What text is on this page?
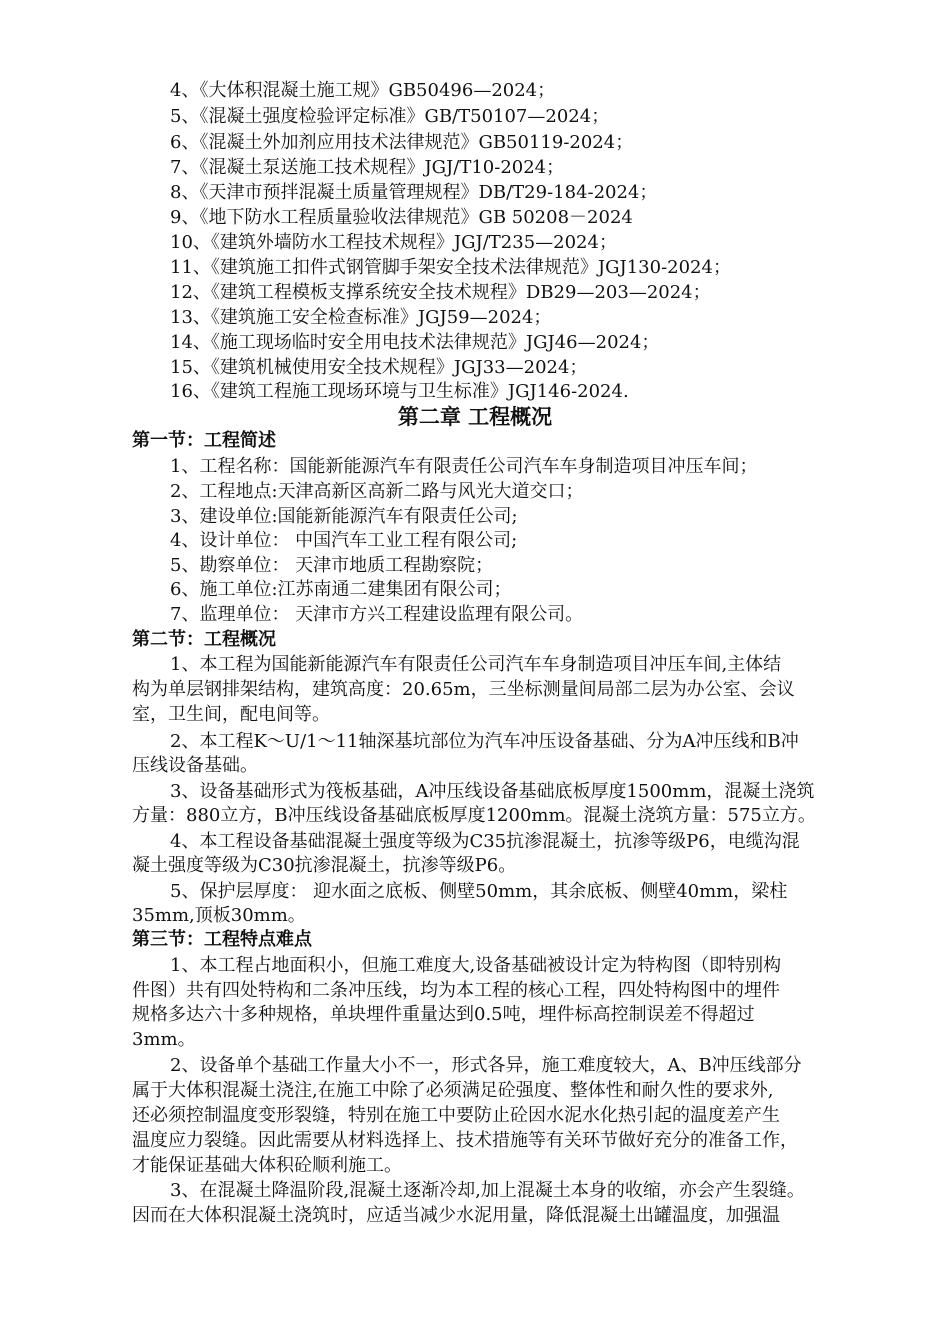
4、《大体积混凝土施工规》GB50496—2024；
5、《混凝土强度检验评定标准》GB/T50107—2024；
6、《混凝土外加剂应用技术法律规范》GB50119-2024；
7、《混凝土泵送施工技术规程》JGJ/T10-2024；
8、《天津市预拌混凝土质量管理规程》DB/T29-184-2024；
9、《地下防水工程质量验收法律规范》GB 50208－2024
10、《建筑外墙防水工程技术规程》JGJ/T235—2024；
11、《建筑施工扣件式钢管脚手架安全技术法律规范》JGJ130-2024；
12、《建筑工程模板支撑系统安全技术规程》DB29—203—2024；
13、《建筑施工安全检查标准》JGJ59—2024；
14、《施工现场临时安全用电技术法律规范》JGJ46—2024；
15、《建筑机械使用安全技术规程》JGJ33—2024；
16、《建筑工程施工现场环境与卫生标准》JGJ146-2024.
第二章 工程概况
第一节：工程简述
1、工程名称：国能新能源汽车有限责任公司汽车车身制造项目冲压车间；
2、工程地点:天津高新区高新二路与风光大道交口；
3、建设单位:国能新能源汽车有限责任公司;
4、设计单位： 中国汽车工业工程有限公司;
5、勘察单位： 天津市地质工程勘察院；
6、施工单位:江苏南通二建集团有限公司；
7、监理单位： 天津市方兴工程建设监理有限公司。
第二节：工程概况
1、本工程为国能新能源汽车有限责任公司汽车车身制造项目冲压车间,主体结
构为单层钢排架结构，建筑高度：20.65m，三坐标测量间局部二层为办公室、会议
室，卫生间，配电间等。
2、本工程K～U/1～11轴深基坑部位为汽车冲压设备基础、分为A冲压线和B冲
压线设备基础。
3、设备基础形式为筏板基础，A冲压线设备基础底板厚度1500mm，混凝土浇筑
方量：880立方，B冲压线设备基础底板厚度1200mm。混凝土浇筑方量：575立方。
4、本工程设备基础混凝土强度等级为C35抗渗混凝土，抗渗等级P6，电缆沟混
凝土强度等级为C30抗渗混凝土，抗渗等级P6。
5、保护层厚度： 迎水面之底板、侧壁50mm，其余底板、侧壁40mm，梁柱
35mm,顶板30mm。
第三节：工程特点难点
1、本工程占地面积小，但施工难度大,设备基础被设计定为特构图（即特别构
件图）共有四处特构和二条冲压线，均为本工程的核心工程，四处特构图中的埋件
规格多达六十多种规格，单块埋件重量达到0.5吨，埋件标高控制误差不得超过
3mm。
2、设备单个基础工作量大小不一，形式各异，施工难度较大，A、B冲压线部分
属于大体积混凝土浇注,在施工中除了必须满足砼强度、整体性和耐久性的要求外,
还必须控制温度变形裂缝，特别在施工中要防止砼因水泥水化热引起的温度差产生
温度应力裂缝。因此需要从材料选择上、技术措施等有关环节做好充分的准备工作，
才能保证基础大体积砼顺利施工。
3、在混凝土降温阶段,混凝土逐渐冷却,加上混凝土本身的收缩，亦会产生裂缝。
因而在大体积混凝土浇筑时，应适当减少水泥用量，降低混凝土出罐温度，加强温
